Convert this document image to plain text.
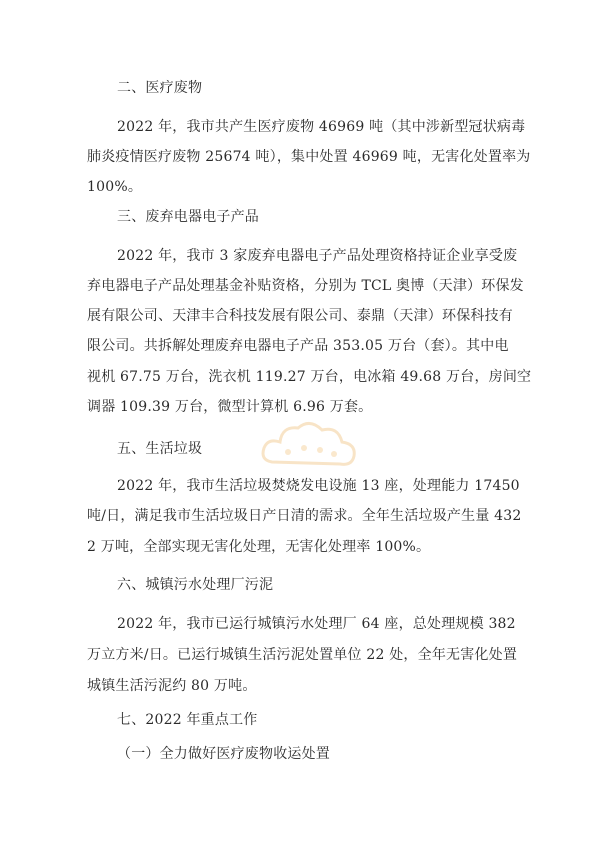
二、医疗废物
2022 年，我市共产生医疗废物 46969 吨（其中涉新型冠状病毒
肺炎疫情医疗废物 25674 吨），集中处置 46969 吨，无害化处置率为
100%。
三、废弃电器电子产品
2022 年，我市 3 家废弃电器电子产品处理资格持证企业享受废
弃电器电子产品处理基金补贴资格，分别为 TCL 奥博（天津）环保发
展有限公司、天津丰合科技发展有限公司、泰鼎（天津）环保科技有
限公司。共拆解处理废弃电器电子产品 353.05 万台（套）。其中电
视机 67.75 万台，洗衣机 119.27 万台，电冰箱 49.68 万台，房间空
调器 109.39 万台，微型计算机 6.96 万套。
五、生活垃圾
2022 年，我市生活垃圾焚烧发电设施 13 座，处理能力 17450
吨/日，满足我市生活垃圾日产日清的需求。全年生活垃圾产生量 432
2 万吨，全部实现无害化处理，无害化处理率 100%。
六、城镇污水处理厂污泥
2022 年，我市已运行城镇污水处理厂 64 座，总处理规模 382
万立方米/日。已运行城镇生活污泥处置单位 22 处，全年无害化处置
城镇生活污泥约 80 万吨。
七、2022 年重点工作
（一）全力做好医疗废物收运处置
